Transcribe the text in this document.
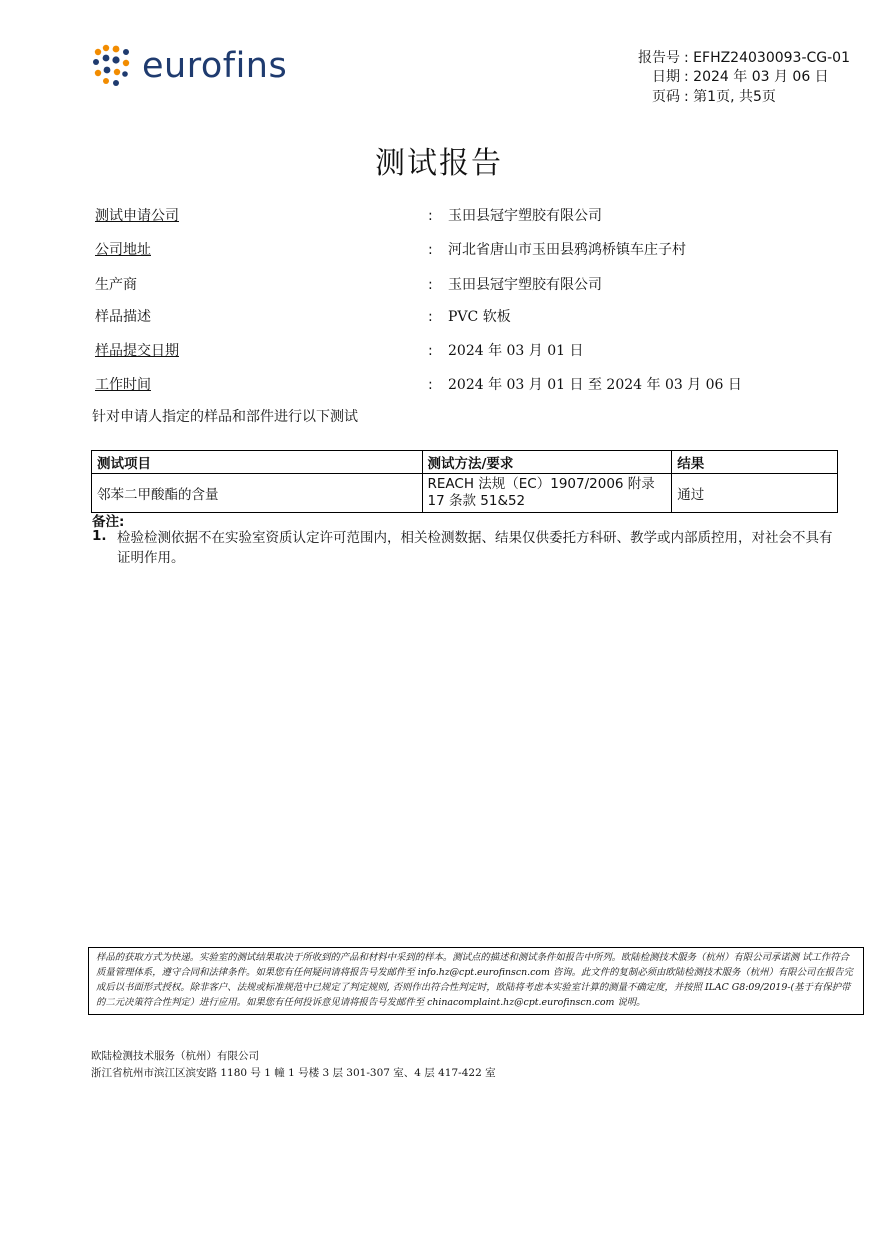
eurofins	报告号 : EFHZ24030093-CG-01
日期 : 2024 年 03 月 06 日
页码 : 第1页, 共5页
测试报告
测试申请公司	: 玉田县冠宇塑胶有限公司
公司地址	: 河北省唐山市玉田县鸦鸿桥镇车庄子村
生产商	: 玉田县冠宇塑胶有限公司
样品描述	: PVC 软板
样品提交日期	: 2024 年 03 月 01 日
工作时间	: 2024 年 03 月 01 日 至 2024 年 03 月 06 日
针对申请人指定的样品和部件进行以下测试
测试项目	测试方法/要求	结果
邻苯二甲酸酯的含量	REACH 法规（EC）1907/2006 附录
17 条款 51&52	通过
备注:
1. 检验检测依据不在实验室资质认定许可范围内，相关检测数据、结果仅供委托方科研、教学或内部质控用，对社会不具有证明作用。
样品的获取方式为快递。实验室的测试结果取决于所收到的产品和材料中采到的样本。测试点的描述和测试条件如报告中所列。欧陆检测技术服务（杭州）有限公司承诺测 试工作符合质量管理体系，遵守合同和法律条件。如果您有任何疑问请将报告号发邮件至 info.hz@cpt.eurofinscn.com 咨询。此文件的复制必须由欧陆检测技术服务（杭州）有限公司在报告完成后以书面形式授权。除非客户、法规或标准规范中已规定了判定规则, 否则作出符合性判定时，欧陆将考虑本实验室计算的测量不确定度，并按照 ILAC G8:09/2019-(基于有保护带的二元决策符合性判定）进行应用。如果您有任何投诉意见请将报告号发邮件至 chinacomplaint.hz@cpt.eurofinscn.com 说明。
欧陆检测技术服务（杭州）有限公司
浙江省杭州市滨江区滨安路 1180 号 1 幢 1 号楼 3 层 301-307 室、4 层 417-422 室
